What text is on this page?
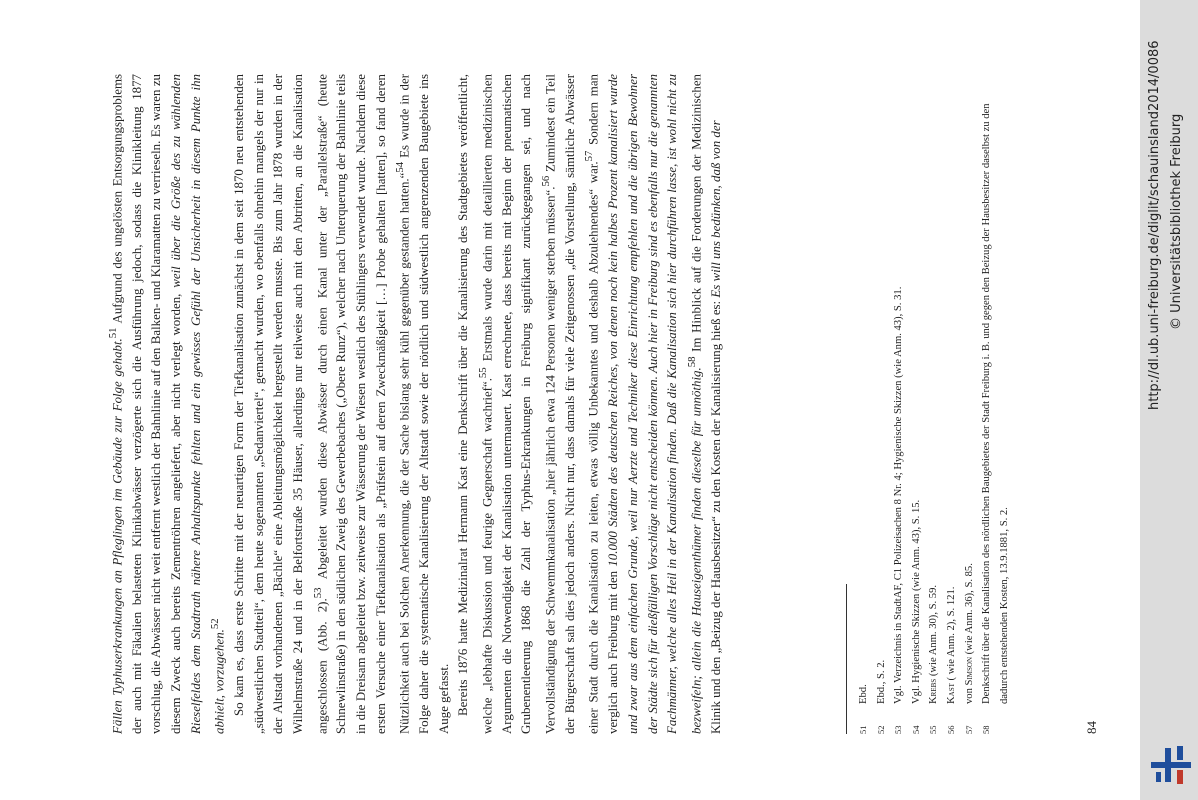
Fällen Typhuserkrankungen an Pfleglingen im Gebäude zur Folge gehabt.$^{51}$ Aufgrund des ungelösten Entsorgungsproblems der auch mit Fäkalien belasteten Klinikabwässer verzögerte sich die Ausführung jedoch, sodass die Klinikleitung 1877 vorschlug, die Abwässer nicht weit entfernt westlich der Bahnlinie auf den Balken- und Klaramatten zu verrieseln. Es waren zu diesem Zweck auch bereits Zementröhren angeliefert, aber nicht verlegt worden, weil über die Größe des zu wählenden Rieselfeldes dem Stadtrath nähere Anhaltspunkte fehlten und ein gewisses Gefühl der Unsicherheit in diesem Punkte ihn abhielt, vorzugehen.$^{52}$ So kam es, dass erste Schritte mit der neuartigen Form der Tiefkanalisation zunächst in dem seit 1870 neu entstehenden „südwestlichen Stadtteil“, dem heute sogenannten „Sedanviertel“, gemacht wurden, wo ebenfalls ohnehin mangels der nur in der Altstadt vorhandenen „Bächle“ eine Ableitungsmöglichkeit hergestellt werden musste. Bis zum Jahr 1878 wurden in der Wilhelmstraße 24 und in der Belfortstraße 35 Häuser, allerdings nur teilweise auch mit den Abtritten, an die Kanalisation angeschlossen (Abb. 2).$^{53}$ Abgeleitet wurden diese Abwässer durch einen Kanal unter der „Parallelstraße“ (heute Schnewlinstraße) in den südlichen Zweig des Gewerbebaches („Obere Runz“), welcher nach Unterquerung der Bahnlinie teils in die Dreisam abgeleitet bzw. zeitweise zur Wässerung der Wiesen westlich des Stühlingers verwendet wurde. Nachdem diese ersten Versuche einer Tiefkanalisation als „Prüfstein auf deren Zweckmäßigkeit […] Probe gehalten [hatten], so fand deren Nützlichkeit auch bei Solchen Anerkennung, die der Sache bislang sehr kühl gegenüber gestanden hatten.“$^{54}$ Es wurde in der Folge daher die systematische Kanalisierung der Altstadt sowie der nördlich und südwestlich angrenzenden Baugebiete ins Auge gefasst. Bereits 1876 hatte Medizinalrat Hermann Kast eine Denkschrift über die Kanalisierung des Stadtgebietes veröffentlicht, welche „lebhafte Diskussion und feurige Gegnerschaft wachrief“.$^{55}$ Erstmals wurde darin mit detaillierten medizinischen Argumenten die Notwendigkeit der Kanalisation untermauert. Kast errechnete, dass bereits mit Beginn der pneumatischen Grubenentleerung 1868 die Zahl der Typhus-Erkrankungen in Freiburg signifikant zurückgegangen sei, und nach Vervollständigung der Schwemmkanalisation „hier jährlich etwa 124 Personen weniger sterben müssen“.$^{56}$ Zumindest ein Teil der Bürgerschaft sah dies jedoch anders. Nicht nur, dass damals für viele Zeitgenossen „die Vorstellung, sämtliche Abwässer einer Stadt durch die Kanalisation zu leiten, etwas völlig Unbekanntes und deshalb Abzulehnendes“ war.$^{57}$ Sondern man verglich auch Freiburg mit den 10.000 Städten des deutschen Reiches, von denen noch kein halbes Prozent kanalisiert wurde und zwar aus dem einfachen Grunde, weil nur Aerzte und Techniker diese Einrichtung empfehlen und die übrigen Bewohner der Städte sich für dießfälligen Vorschläge nicht entscheiden können. Auch hier in Freiburg sind es ebenfalls nur die genannten Fachmänner, welche alles Heil in der Kanalisation finden. Daß die Kanalisation sich hier durchführen lasse, ist wohl nicht zu bezweifeln; allein die Hauseigenthümer finden dieselbe für unnöthig.$^{58}$ Im Hinblick auf die Forderungen der Medizinischen Klinik und den „Beizug der Hausbesitzer“ zu den Kosten der Kanalisierung hieß es: Es will uns bedünken, daß von der

51
Ebd.
52
Ebd., S. 2.
53
Vgl. Verzeichnis in StadtAF, C1 Polizeisachen 8 Nr. 4; Hygienische Skizzen (wie Anm. 43), S. 31.
54
Vgl. Hygienische Skizzen (wie Anm. 43), S. 15.
55
Krebs (wie Anm. 30), S. 59.
56
Kast ( wie Anm. 2), S. 121.
57
von Simson (wie Anm. 36), S. 85.
58
Denkschrift über die Kanalisation des nördlichen Baugebietes der Stadt Freiburg i. B. und gegen den Beizug der Hausbesitzer daselbst zu den dadurch entstehenden Kosten, 13.9.1881, S. 2.
84
http://dl.ub.uni-freiburg.de/diglit/schauinsland2014/0086 © Universitätsbibliothek Freiburg
